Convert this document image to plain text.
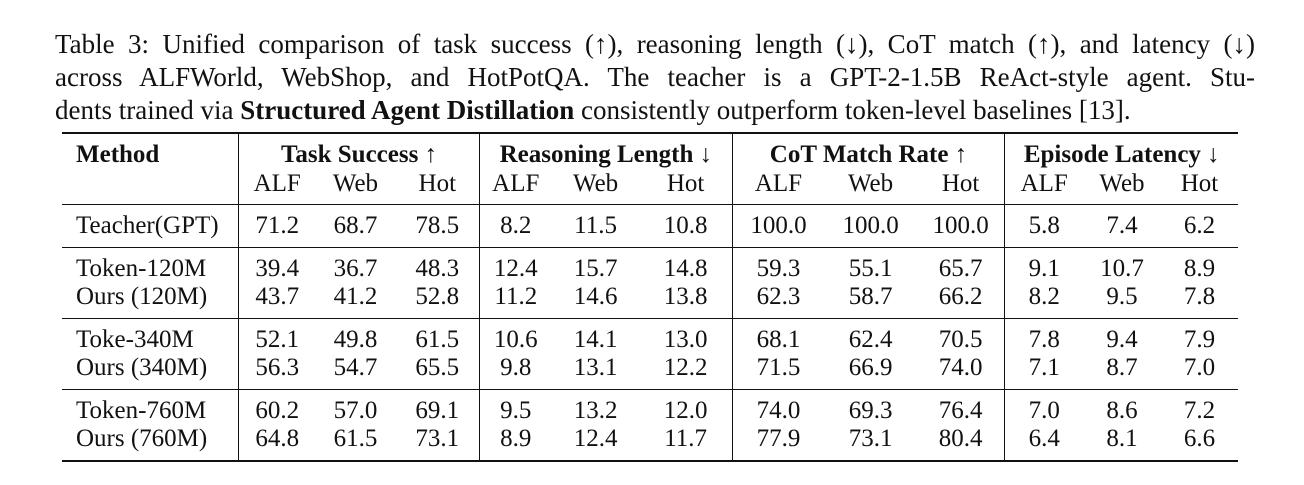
Table 3: Unified comparison of task success (↑), reasoning length (↓), CoT match (↑), and latency (↓)
across ALFWorld, WebShop, and HotPotQA. The teacher is a GPT-2-1.5B ReAct-style agent. Stu-
dents trained via Structured Agent Distillation consistently outperform token-level baselines [13].
Method	Task Success ↑			Reasoning Length ↓			CoT Match Rate ↑			Episode Latency ↓		
	ALF	Web	Hot	ALF	Web	Hot	ALF	Web	Hot	ALF	Web	Hot
Teacher(GPT)	71.2	68.7	78.5	8.2	11.5	10.8	100.0	100.0	100.0	5.8	7.4	6.2
Token-120M	39.4	36.7	48.3	12.4	15.7	14.8	59.3	55.1	65.7	9.1	10.7	8.9
Ours (120M)	43.7	41.2	52.8	11.2	14.6	13.8	62.3	58.7	66.2	8.2	9.5	7.8
Toke-340M	52.1	49.8	61.5	10.6	14.1	13.0	68.1	62.4	70.5	7.8	9.4	7.9
Ours (340M)	56.3	54.7	65.5	9.8	13.1	12.2	71.5	66.9	74.0	7.1	8.7	7.0
Token-760M	60.2	57.0	69.1	9.5	13.2	12.0	74.0	69.3	76.4	7.0	8.6	7.2
Ours (760M)	64.8	61.5	73.1	8.9	12.4	11.7	77.9	73.1	80.4	6.4	8.1	6.6
